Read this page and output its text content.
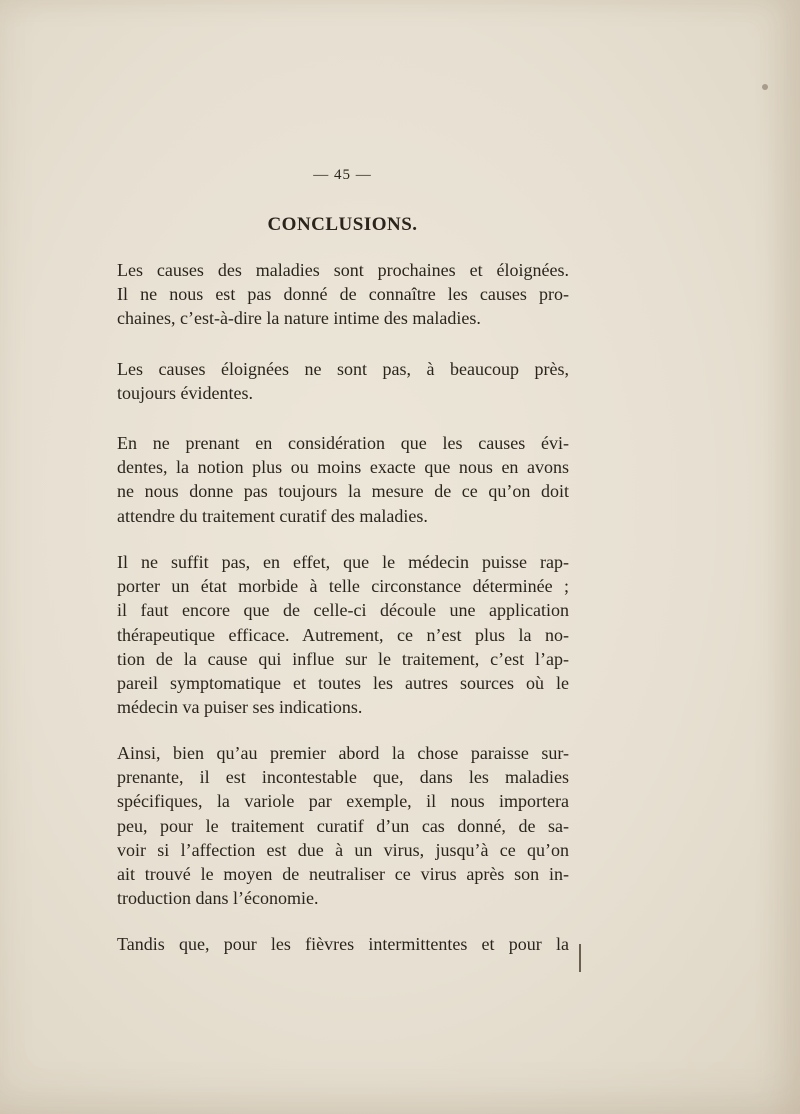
— 45 —
CONCLUSIONS.
Les causes des maladies sont prochaines et éloignées.
Il ne nous est pas donné de connaître les causes pro-
chaines, c’est-à-dire la nature intime des maladies.
Les causes éloignées ne sont pas, à beaucoup près,
toujours évidentes.
En ne prenant en considération que les causes évi-
dentes, la notion plus ou moins exacte que nous en avons
ne nous donne pas toujours la mesure de ce qu’on doit
attendre du traitement curatif des maladies.
Il ne suffit pas, en effet, que le médecin puisse rap-
porter un état morbide à telle circonstance déterminée ;
il faut encore que de celle-ci découle une application
thérapeutique efficace. Autrement, ce n’est plus la no-
tion de la cause qui influe sur le traitement, c’est l’ap-
pareil symptomatique et toutes les autres sources où le
médecin va puiser ses indications.
Ainsi, bien qu’au premier abord la chose paraisse sur-
prenante, il est incontestable que, dans les maladies
spécifiques, la variole par exemple, il nous importera
peu, pour le traitement curatif d’un cas donné, de sa-
voir si l’affection est due à un virus, jusqu’à ce qu’on
ait trouvé le moyen de neutraliser ce virus après son in-
troduction dans l’économie.
Tandis que, pour les fièvres intermittentes et pour la
